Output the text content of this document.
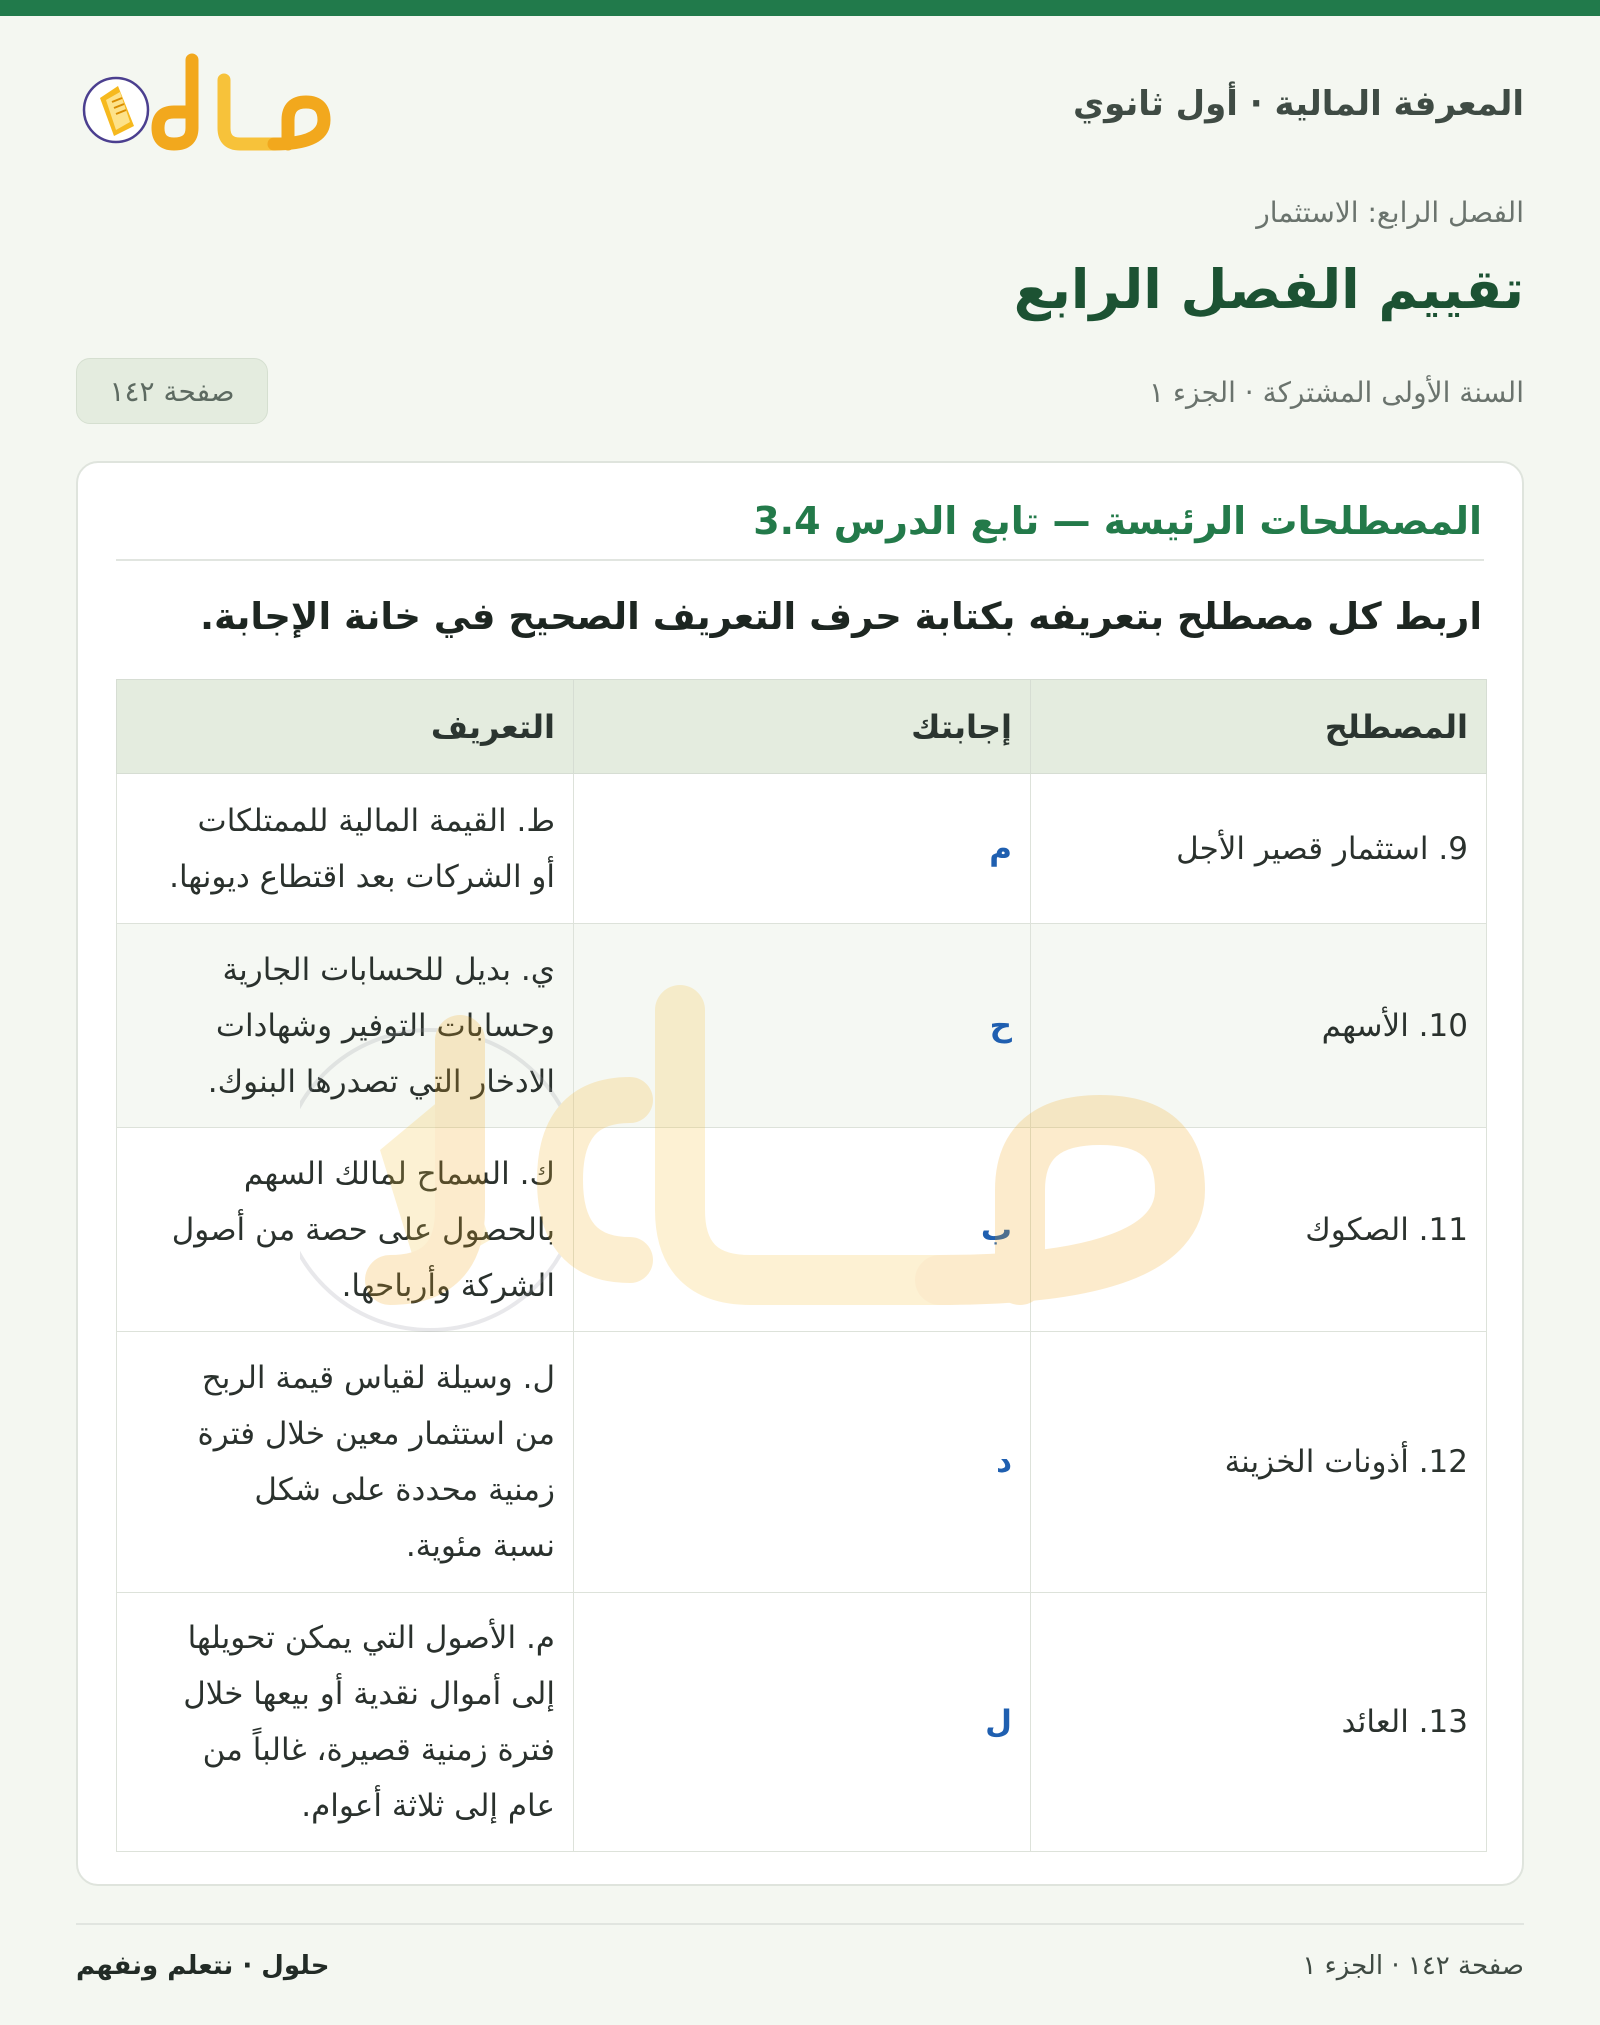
المعرفة المالية · أول ثانوي
الفصل الرابع: الاستثمار
تقييم الفصل الرابع
السنة الأولى المشتركة · الجزء ١
صفحة ١٤٢
المصطلحات الرئيسة — تابع الدرس 3.4
اربط كل مصطلح بتعريفه بكتابة حرف التعريف الصحيح في خانة الإجابة.
المصطلح	إجابتك	التعريف
9. استثمار قصير الأجل	م	ط. القيمة المالية للممتلكات
أو الشركات بعد اقتطاع ديونها.

10. الأسهم	ح	ي. بديل للحسابات الجارية
وحسابات التوفير وشهادات
الادخار التي تصدرها البنوك.

11. الصكوك	ب	ك. السماح لمالك السهم
بالحصول على حصة من أصول
الشركة وأرباحها.

12. أذونات الخزينة	د	ل. وسيلة لقياس قيمة الربح
من استثمار معين خلال فترة
زمنية محددة على شكل
نسبة مئوية.

13. العائد	ل	م. الأصول التي يمكن تحويلها
إلى أموال نقدية أو بيعها خلال
فترة زمنية قصيرة، غالباً من
عام إلى ثلاثة أعوام.
صفحة ١٤٢ · الجزء ١
حلول · نتعلم ونفهم
